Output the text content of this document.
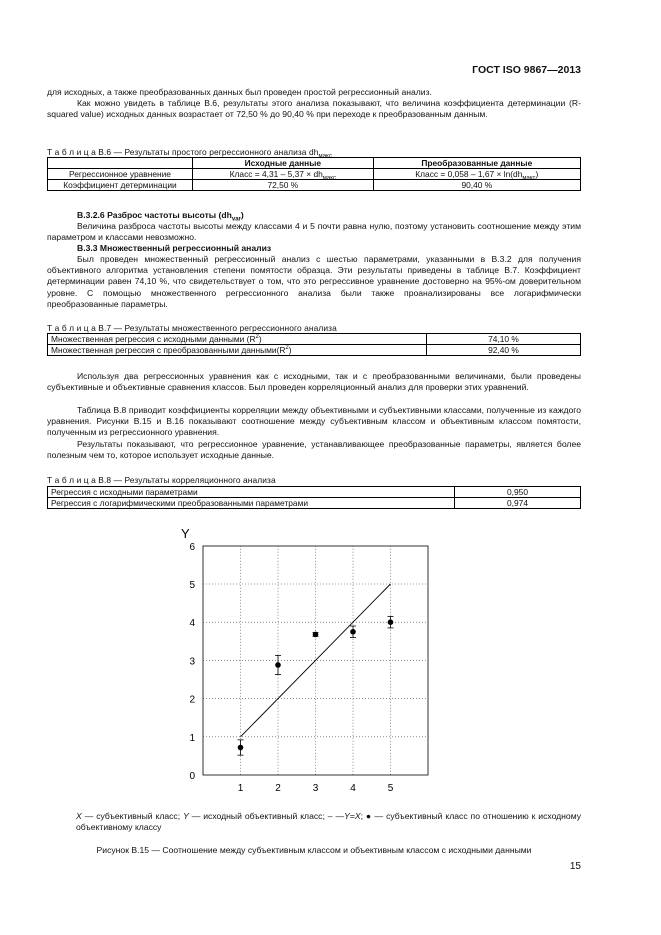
ГОСТ ISO 9867—2013

для исходных, а также преобразованных данных был проведен простой регрессионный анализ.

Как можно увидеть в таблице В.6, результаты этого анализа показывают, что величина коэффициента детерминации (R-squared value) исходных данных возрастает от 72,50 % до 90,40 % при переходе к преобразованным данным.

Т а б л и ц а В.6 — Результаты простого регрессионного анализа $dh_{макс}$
	Исходные данные	Преобразованные данные
Регрессионное уравнение	Класс = $4,31 - 5,37 \times dh_{макс}$	Класс = $0,058 - 1,67 \times \ln(dh_{макс})$
Коэффициент детерминации	72,50 %	90,40 %
В.3.2.6 Разброс частоты высоты $(dh_{var})$

Величина разброса частоты высоты между классами 4 и 5 почти равна нулю, поэтому установить соотношение между этим параметром и классами невозможно.

В.3.3 Множественный регрессионный анализ

Был проведен множественный регрессионный анализ с шестью параметрами, указанными в В.3.2 для получения объективного алгоритма установления степени помятости образца. Эти результаты приведены в таблице В.7. Коэффициент детерминации равен 74,10 %, что свидетельствует о том, что это регрессивное уравнение достоверно на 95%-ом доверительном уровне. С помощью множественного регрессионного анализа были также проанализированы все логарифмически преобразованные параметры.

Т а б л и ц а В.7 — Результаты множественного регрессионного анализа
Множественная регрессия с исходными данными $(R^2)$	74,10 %
Множественная регрессия с преобразованными $данными(R^2)$	92,40 %

Используя два регрессионных уравнения как с исходными, так и с преобразованными величинами, были проведены субъективные и объективные сравнения классов. Был проведен корреляционный анализ для проверки этих уравнений.

Таблица В.8 приводит коэффициенты корреляции между объективными и субъективными классами, полученные из каждого уравнения. Рисунки В.15 и В.16 показывают соотношение между субъективным классом и объективным классом помятости, полученным из регрессионного уравнения.

Результаты показывают, что регрессионное уравнение, устанавливающее преобразованные параметры, является более полезным чем то, которое использует исходные данные.

Т а б л и ц а В.8 — Результаты корреляционного анализа
Регрессия с исходными параметрами	0,950
Регрессия с логарифмическими преобразованными параметрами	0,974
0
1
2
3
4
5
6
1	2	3	4	5
Y
X — субъективный класс; Y — исходный объективный класс; – —Y=X; ● — субъективный класс по отношению к исходному объективному классу
Рисунок В.15 — Соотношение между субъективным классом и объективным классом с исходными данными
15
